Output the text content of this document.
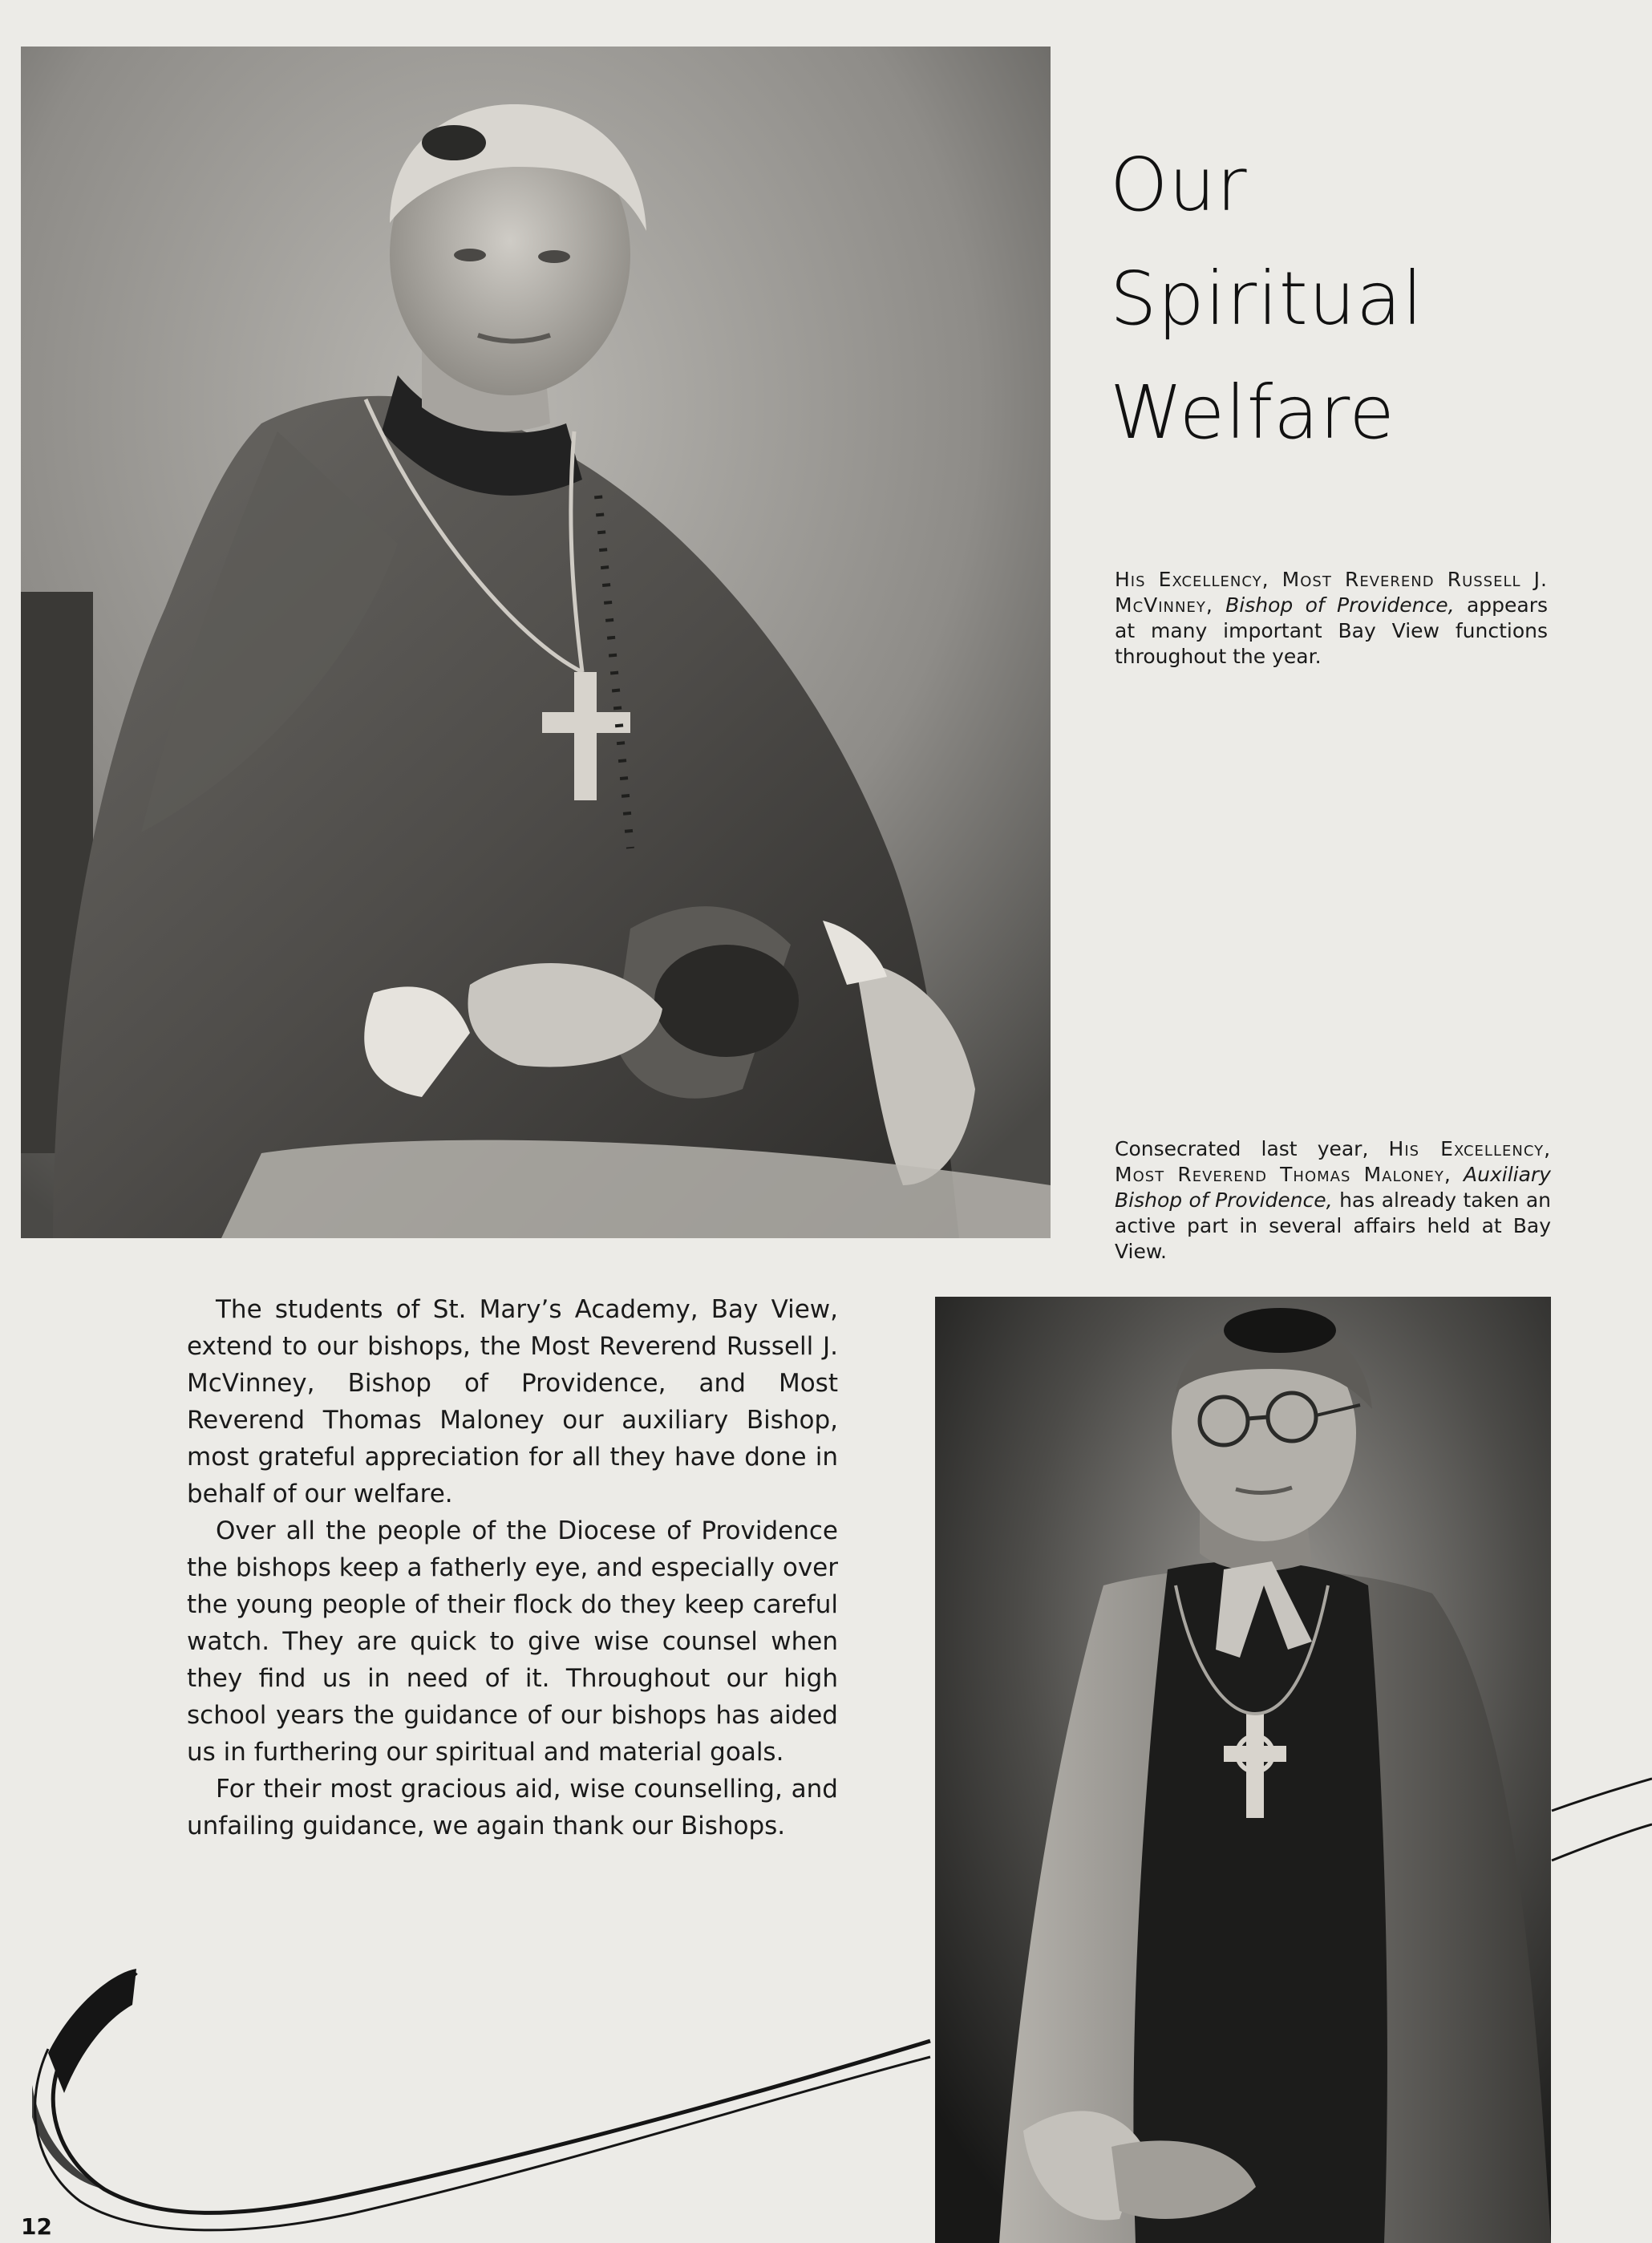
Our
Spiritual
Welfare
His Excellency, Most Reverend Russell J. McVinney, Bishop of Providence, appears at many important Bay View functions throughout the year.
Consecrated last year, His Excellency, Most Reverend Thomas Maloney, Auxiliary Bishop of Providence, has already taken an active part in several affairs held at Bay View.

The students of St. Mary’s Academy, Bay View, extend to our bishops, the Most Reverend Russell J. McVinney, Bishop of Providence, and Most Reverend Thomas Maloney our auxiliary Bishop, most grateful appreciation for all they have done in behalf of our welfare.

Over all the people of the Diocese of Providence the bishops keep a fatherly eye, and especially over the young people of their flock do they keep careful watch. They are quick to give wise counsel when they find us in need of it. Throughout our high school years the guidance of our bishops has aided us in furthering our spiritual and material goals.

For their most gracious aid, wise counselling, and unfailing guidance, we again thank our Bishops.

12
